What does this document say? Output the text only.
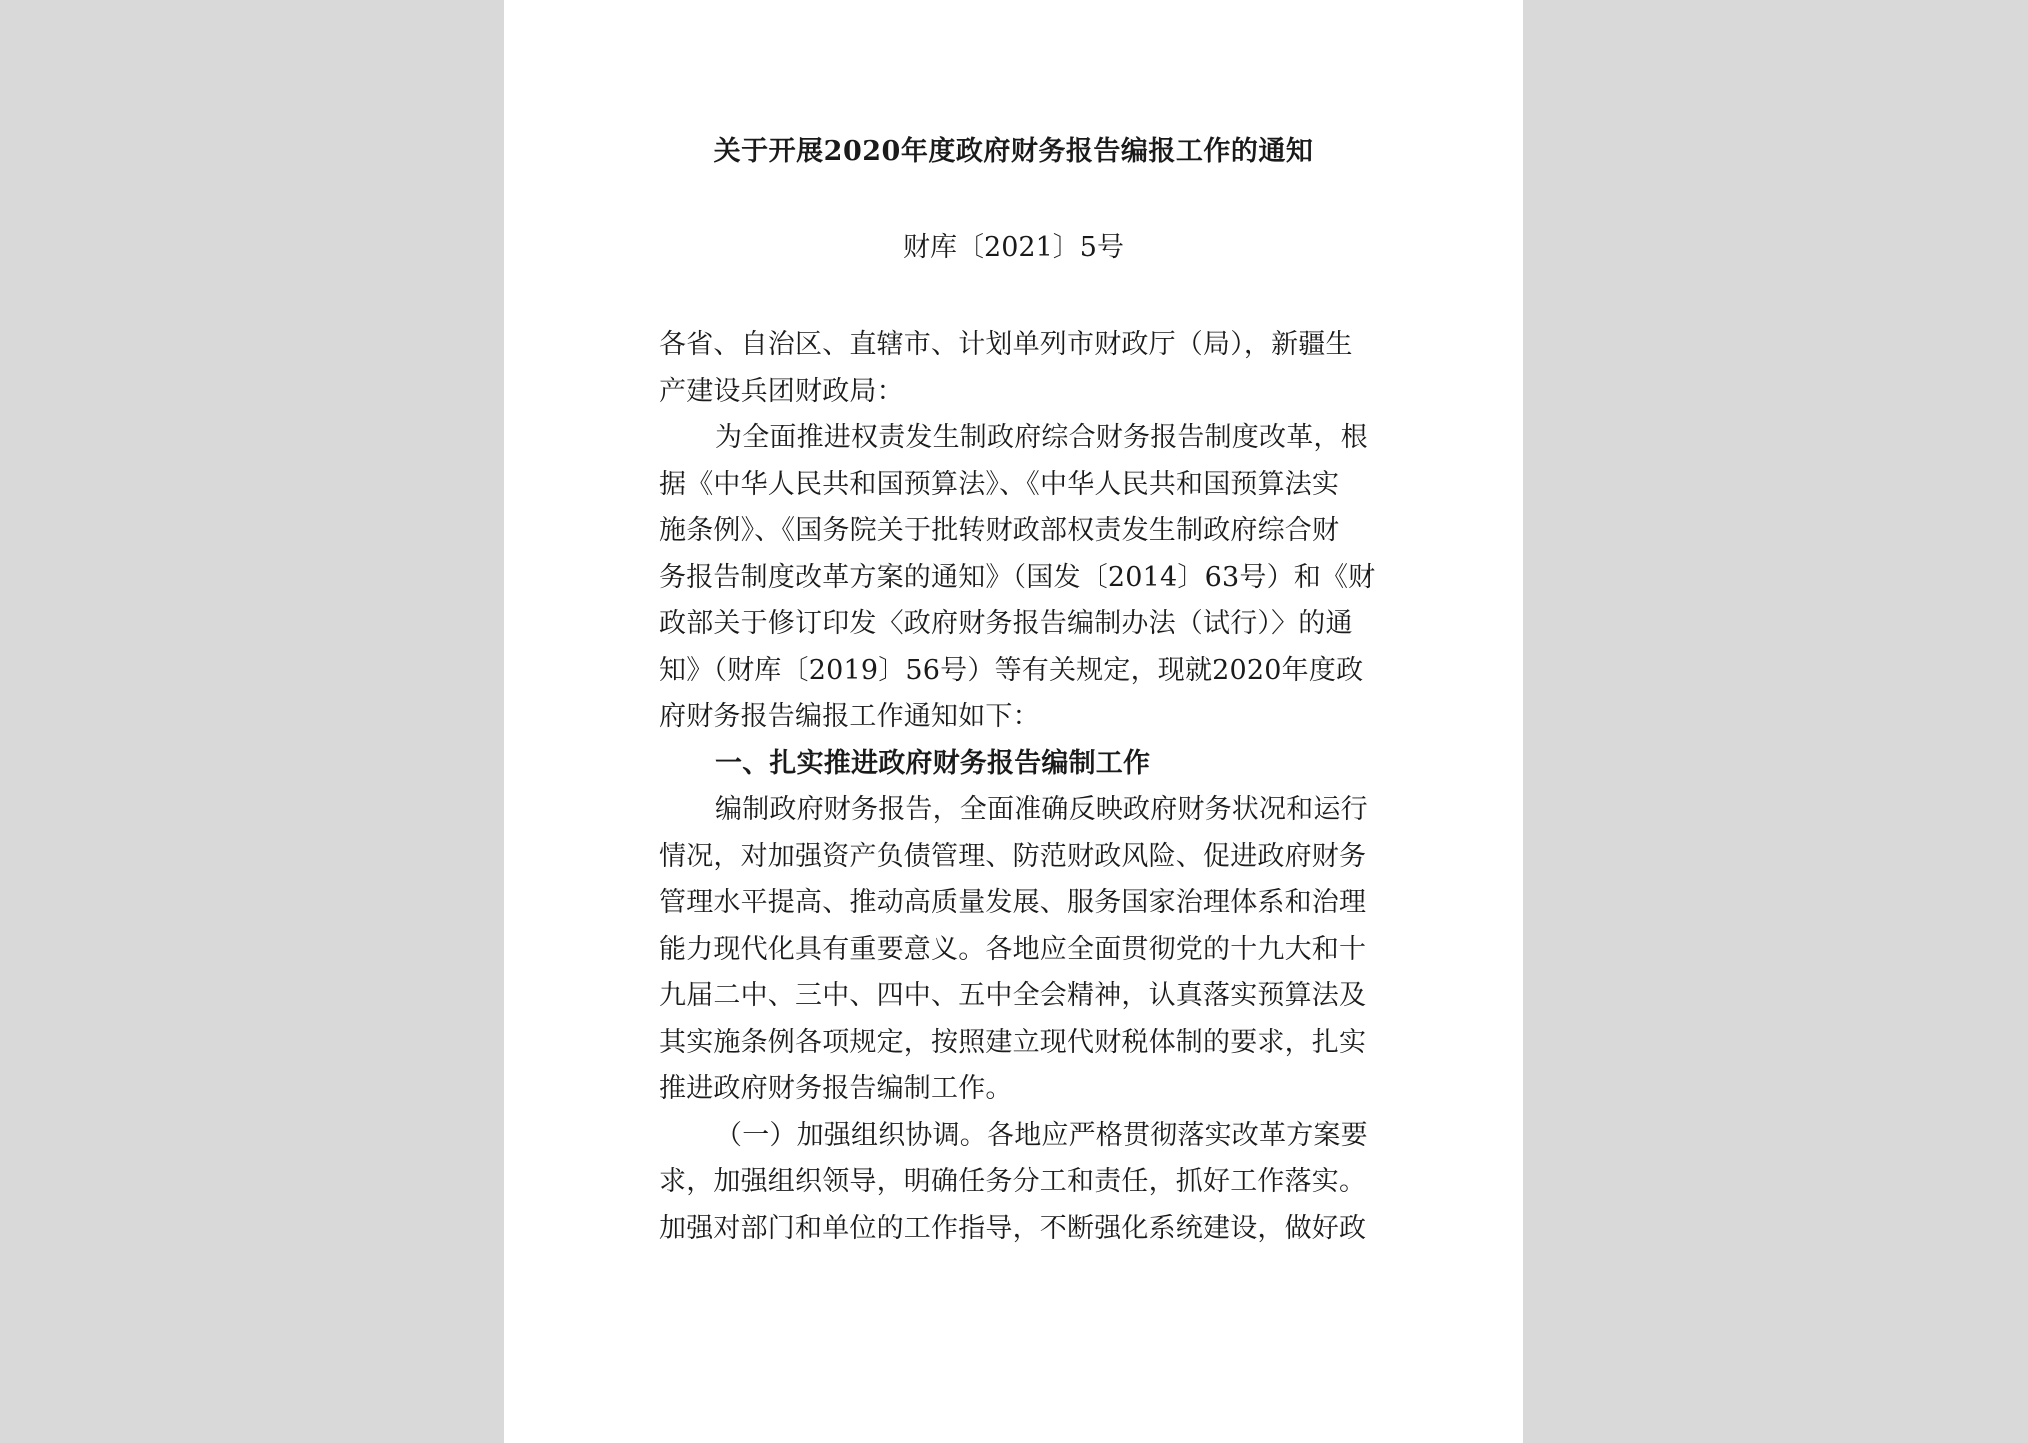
关于开展2020年度政府财务报告编报工作的通知
财库〔2021〕5号

各省、自治区、直辖市、计划单列市财政厅（局），新疆生

产建设兵团财政局：

为全面推进权责发生制政府综合财务报告制度改革，根

据《中华人民共和国预算法》、《中华人民共和国预算法实

施条例》、《国务院关于批转财政部权责发生制政府综合财

务报告制度改革方案的通知》（国发〔2014〕63号）和《财

政部关于修订印发〈政府财务报告编制办法（试行）〉的通

知》（财库〔2019〕56号）等有关规定，现就2020年度政

府财务报告编报工作通知如下：

一、扎实推进政府财务报告编制工作

编制政府财务报告，全面准确反映政府财务状况和运行

情况，对加强资产负债管理、防范财政风险、促进政府财务

管理水平提高、推动高质量发展、服务国家治理体系和治理

能力现代化具有重要意义。各地应全面贯彻党的十九大和十

九届二中、三中、四中、五中全会精神，认真落实预算法及

其实施条例各项规定，按照建立现代财税体制的要求，扎实

推进政府财务报告编制工作。

（一）加强组织协调。各地应严格贯彻落实改革方案要

求，加强组织领导，明确任务分工和责任，抓好工作落实。

加强对部门和单位的工作指导，不断强化系统建设，做好政
